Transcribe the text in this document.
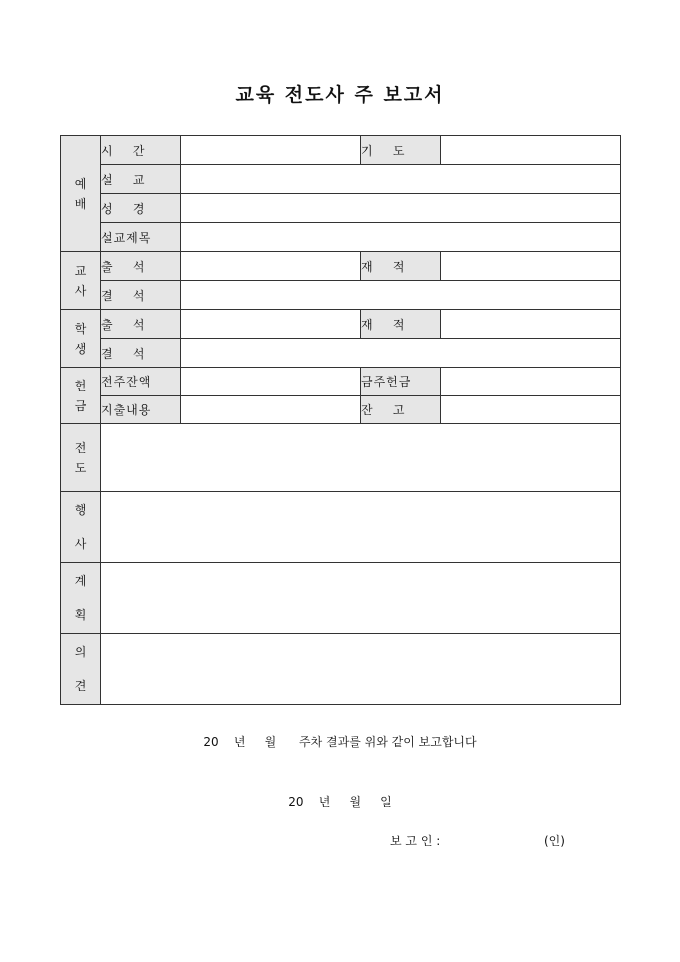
교육 전도사 주 보고서
예
배	시    간		기    도	
	설    교			
	성    경			
	설교제목			

교
사	출    석		재    적	
	결    석			

학
생	출    석		재    적	
	결    석			

헌
금	전주잔액		금주헌금	
	지출내용		잔    고	

전
도				

행
사				

계
획				

의
견				

20    년     월      주차 결과를 위와 같이 보고합니다
20    년     월     일
보 고 인 :	(인)
